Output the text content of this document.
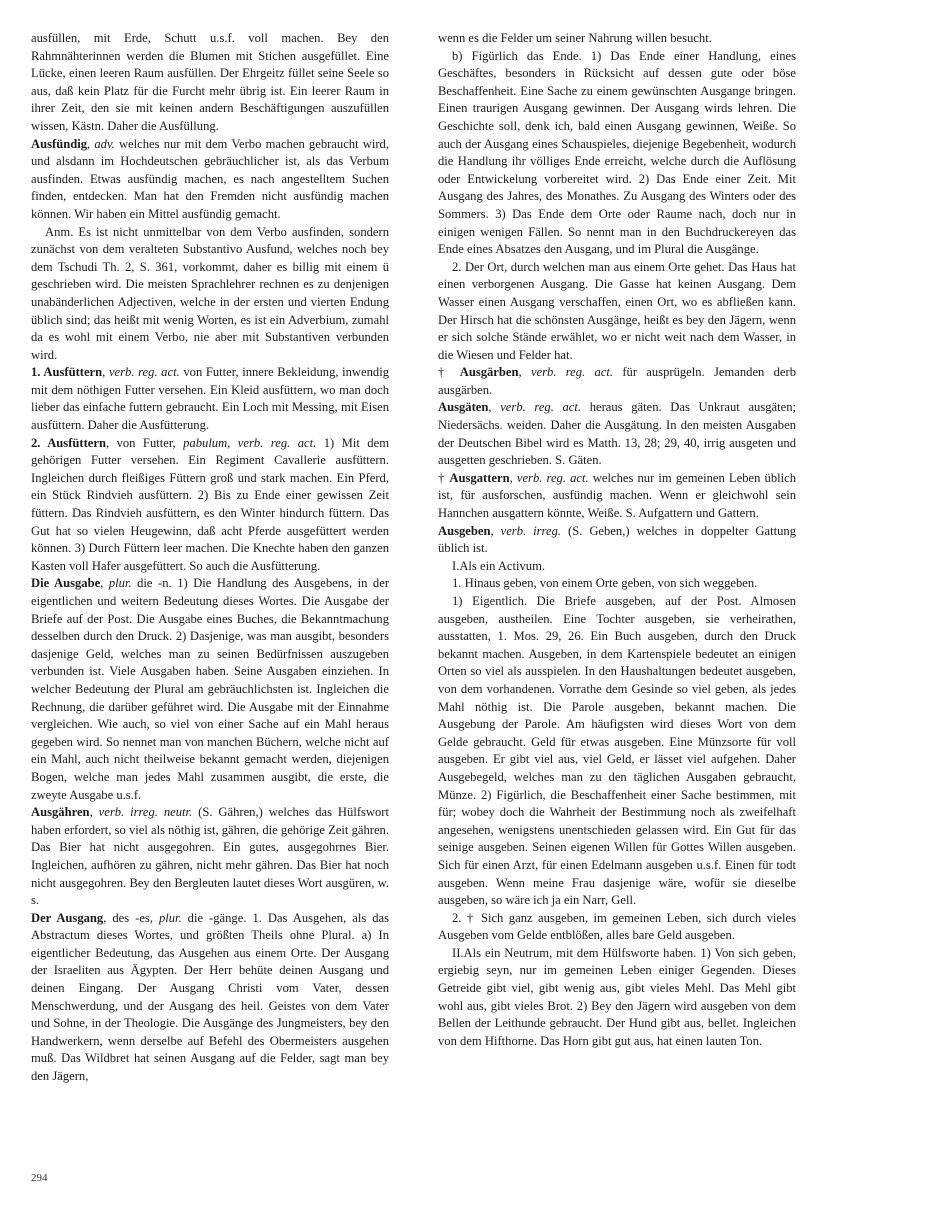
ausfüllen, mit Erde, Schutt u.s.f. voll machen. Bey den Rahmnähterinnen werden die Blumen mit Stichen ausgefüllet. Eine Lücke, einen leeren Raum ausfüllen. Der Ehrgeitz füllet seine Seele so aus, daß kein Platz für die Furcht mehr übrig ist. Ein leerer Raum in ihrer Zeit, den sie mit keinen andern Beschäftigungen auszufüllen wissen, Kästn. Daher die Ausfüllung.

Ausfündig, adv. welches nur mit dem Verbo machen gebraucht wird, und alsdann im Hochdeutschen gebräuchlicher ist, als das Verbum ausfinden. Etwas ausfündig machen, es nach angestelltem Suchen finden, entdecken. Man hat den Fremden nicht ausfündig machen können. Wir haben ein Mittel ausfündig gemacht.

Anm. Es ist nicht unmittelbar von dem Verbo ausfinden, sondern zunächst von dem veralteten Substantivo Ausfund, welches noch bey dem Tschudi Th. 2, S. 361, vorkommt, daher es billig mit einem ü geschrieben wird. Die meisten Sprachlehrer rechnen es zu denjenigen unabänderlichen Adjectiven, welche in der ersten und vierten Endung üblich sind; das heißt mit wenig Worten, es ist ein Adverbium, zumahl da es wohl mit einem Verbo, nie aber mit Substantiven verbunden wird.

1. Ausfüttern, verb. reg. act. von Futter, innere Bekleidung, inwendig mit dem nöthigen Futter versehen. Ein Kleid ausfüttern, wo man doch lieber das einfache futtern gebraucht. Ein Loch mit Messing, mit Eisen ausfüttern. Daher die Ausfütterung.

2. Ausfüttern, von Futter, pabulum, verb. reg. act. 1) Mit dem gehörigen Futter versehen. Ein Regiment Cavallerie ausfüttern. Ingleichen durch fleißiges Füttern groß und stark machen. Ein Pferd, ein Stück Rindvieh ausfüttern. 2) Bis zu Ende einer gewissen Zeit füttern. Das Rindvieh ausfüttern, es den Winter hindurch füttern. Das Gut hat so vielen Heugewinn, daß acht Pferde ausgefüttert werden können. 3) Durch Füttern leer machen. Die Knechte haben den ganzen Kasten voll Hafer ausgefüttert. So auch die Ausfütterung.

Die Ausgabe, plur. die -n. 1) Die Handlung des Ausgebens, in der eigentlichen und weitern Bedeutung dieses Wortes. Die Ausgabe der Briefe auf der Post. Die Ausgabe eines Buches, die Bekanntmachung desselben durch den Druck. 2) Dasjenige, was man ausgibt, besonders dasjenige Geld, welches man zu seinen Bedürfnissen auszugeben verbunden ist. Viele Ausgaben haben. Seine Ausgaben einziehen. In welcher Bedeutung der Plural am gebräuchlichsten ist. Ingleichen die Rechnung, die darüber geführet wird. Die Ausgabe mit der Einnahme vergleichen. Wie auch, so viel von einer Sache auf ein Mahl heraus gegeben wird. So nennet man von manchen Büchern, welche nicht auf ein Mahl, auch nicht theilweise bekannt gemacht werden, diejenigen Bogen, welche man jedes Mahl zusammen ausgibt, die erste, die zweyte Ausgabe u.s.f.

Ausgähren, verb. irreg. neutr. (S. Gähren,) welches das Hülfswort haben erfordert, so viel als nöthig ist, gähren, die gehörige Zeit gähren. Das Bier hat nicht ausgegohren. Ein gutes, ausgegohrnes Bier. Ingleichen, aufhören zu gähren, nicht mehr gähren. Das Bier hat noch nicht ausgegohren. Bey den Bergleuten lautet dieses Wort ausgüren, w. s.

Der Ausgang, des -es, plur. die -gänge. 1. Das Ausgehen, als das Abstractum dieses Wortes, und größten Theils ohne Plural. a) In eigentlicher Bedeutung, das Ausgehen aus einem Orte. Der Ausgang der Israeliten aus Ägypten. Der Herr behüte deinen Ausgang und deinen Eingang. Der Ausgang Christi vom Vater, dessen Menschwerdung, und der Ausgang des heil. Geistes von dem Vater und Sohne, in der Theologie. Die Ausgänge des Jungmeisters, bey den Handwerkern, wenn derselbe auf Befehl des Obermeisters ausgehen muß. Das Wildbret hat seinen Ausgang auf die Felder, sagt man bey den Jägern,

wenn es die Felder um seiner Nahrung willen besucht.

b) Figürlich das Ende. 1) Das Ende einer Handlung, eines Geschäftes, besonders in Rücksicht auf dessen gute oder böse Beschaffenheit. Eine Sache zu einem gewünschten Ausgange bringen. Einen traurigen Ausgang gewinnen. Der Ausgang wirds lehren. Die Geschichte soll, denk ich, bald einen Ausgang gewinnen, Weiße. So auch der Ausgang eines Schauspieles, diejenige Begebenheit, wodurch die Handlung ihr völliges Ende erreicht, welche durch die Auflösung oder Entwickelung vorbereitet wird. 2) Das Ende einer Zeit. Mit Ausgang des Jahres, des Monathes. Zu Ausgang des Winters oder des Sommers. 3) Das Ende dem Orte oder Raume nach, doch nur in einigen wenigen Fällen. So nennt man in den Buchdruckereyen das Ende eines Absatzes den Ausgang, und im Plural die Ausgänge.

2. Der Ort, durch welchen man aus einem Orte gehet. Das Haus hat einen verborgenen Ausgang. Die Gasse hat keinen Ausgang. Dem Wasser einen Ausgang verschaffen, einen Ort, wo es abfließen kann. Der Hirsch hat die schönsten Ausgänge, heißt es bey den Jägern, wenn er sich solche Stände erwählet, wo er nicht weit nach dem Wasser, in die Wiesen und Felder hat.

† Ausgärben, verb. reg. act. für ausprügeln. Jemanden derb ausgärben.

Ausgäten, verb. reg. act. heraus gäten. Das Unkraut ausgäten; Niedersächs. weiden. Daher die Ausgätung. In den meisten Ausgaben der Deutschen Bibel wird es Matth. 13, 28; 29, 40, irrig ausgeten und ausgetten geschrieben. S. Gäten.

† Ausgattern, verb. reg. act. welches nur im gemeinen Leben üblich ist, für ausforschen, ausfündig machen. Wenn er gleichwohl sein Hannchen ausgattern könnte, Weiße. S. Aufgattern und Gattern.

Ausgeben, verb. irreg. (S. Geben,) welches in doppelter Gattung üblich ist.

I.Als ein Activum.

1. Hinaus geben, von einem Orte geben, von sich weggeben.

1) Eigentlich. Die Briefe ausgeben, auf der Post. Almosen ausgeben, austheilen. Eine Tochter ausgeben, sie verheirathen, ausstatten, 1. Mos. 29, 26. Ein Buch ausgeben, durch den Druck bekannt machen. Ausgeben, in dem Kartenspiele bedeutet an einigen Orten so viel als ausspielen. In den Haushaltungen bedeutet ausgeben, von dem vorhandenen. Vorrathe dem Gesinde so viel geben, als jedes Mahl nöthig ist. Die Parole ausgeben, bekannt machen. Die Ausgebung der Parole. Am häufigsten wird dieses Wort von dem Gelde gebraucht. Geld für etwas ausgeben. Eine Münzsorte für voll ausgeben. Er gibt viel aus, viel Geld, er lässet viel aufgehen. Daher Ausgebegeld, welches man zu den täglichen Ausgaben gebraucht, Münze. 2) Figürlich, die Beschaffenheit einer Sache bestimmen, mit für; wobey doch die Wahrheit der Bestimmung noch als zweifelhaft angesehen, wenigstens unentschieden gelassen wird. Ein Gut für das seinige ausgeben. Seinen eigenen Willen für Gottes Willen ausgeben. Sich für einen Arzt, für einen Edelmann ausgeben u.s.f. Einen für todt ausgeben. Wenn meine Frau dasjenige wäre, wofür sie dieselbe ausgeben, so wäre ich ja ein Narr, Gell.

2. † Sich ganz ausgeben, im gemeinen Leben, sich durch vieles Ausgeben vom Gelde entblößen, alles bare Geld ausgeben.

II.Als ein Neutrum, mit dem Hülfsworte haben. 1) Von sich geben, ergiebig seyn, nur im gemeinen Leben einiger Gegenden. Dieses Getreide gibt viel, gibt wenig aus, gibt vieles Mehl. Das Mehl gibt wohl aus, gibt vieles Brot. 2) Bey den Jägern wird ausgeben von dem Bellen der Leithunde gebraucht. Der Hund gibt aus, bellet. Ingleichen von dem Hifthorne. Das Horn gibt gut aus, hat einen lauten Ton.

294
